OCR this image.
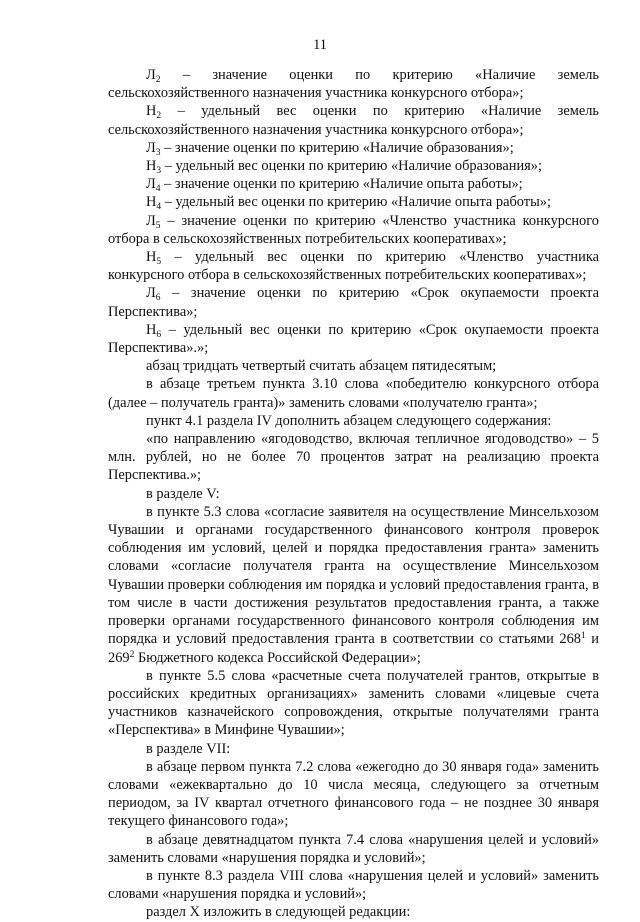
11

$Л_2$ – значение оценки по критерию «Наличие земель сельскохозяйственного назначения участника конкурсного отбора»;

$Н_2$ – удельный вес оценки по критерию «Наличие земель сельскохозяйственного назначения участника конкурсного отбора»;

$Л_3$ – значение оценки по критерию «Наличие образования»;

$Н_3$ – удельный вес оценки по критерию «Наличие образования»;

$Л_4$ – значение оценки по критерию «Наличие опыта работы»;

$Н_4$ – удельный вес оценки по критерию «Наличие опыта работы»;

$Л_5$ – значение оценки по критерию «Членство участника конкурсного отбора в сельскохозяйственных потребительских кооперативах»;

$Н_5$ – удельный вес оценки по критерию «Членство участника конкурсного отбора в сельскохозяйственных потребительских кооперативах»;

$Л_6$ – значение оценки по критерию «Срок окупаемости проекта Перспектива»;

$Н_6$ – удельный вес оценки по критерию «Срок окупаемости проекта Перспектива».»;

абзац тридцать четвертый считать абзацем пятидесятым;

в абзаце третьем пункта 3.10 слова «победителю конкурсного отбора (далее – получатель гранта)» заменить словами «получателю гранта»;

пункт 4.1 раздела IV дополнить абзацем следующего содержания:

«по направлению «ягодоводство, включая тепличное ягодоводство» – 5 млн. рублей, но не более 70 процентов затрат на реализацию проекта Перспектива.»;

в разделе V:

в пункте 5.3 слова «согласие заявителя на осуществление Минсельхозом Чувашии и органами государственного финансового контроля проверок соблюдения им условий, целей и порядка предоставления гранта» заменить словами «согласие получателя гранта на осуществление Минсельхозом Чувашии проверки соблюдения им порядка и условий предоставления гранта, в том числе в части достижения результатов предоставления гранта, а также проверки органами государственного финансового контроля соблюдения им порядка и условий предоставления гранта в соответствии со статьями $268^1$ и $269^2$ Бюджетного кодекса Российской Федерации»;

в пункте 5.5 слова «расчетные счета получателей грантов, открытые в российских кредитных организациях» заменить словами «лицевые счета участников казначейского сопровождения, открытые получателями гранта «Перспектива» в Минфине Чувашии»;

в разделе VII:

в абзаце первом пункта 7.2 слова «ежегодно до 30 января года» заменить словами «ежеквартально до 10 числа месяца, следующего за отчетным периодом, за IV квартал отчетного финансового года – не позднее 30 января текущего финансового года»;

в абзаце девятнадцатом пункта 7.4 слова «нарушения целей и условий» заменить словами «нарушения порядка и условий»;

в пункте 8.3 раздела VIII слова «нарушения целей и условий» заменить словами «нарушения порядка и условий»;

раздел X изложить в следующей редакции:
